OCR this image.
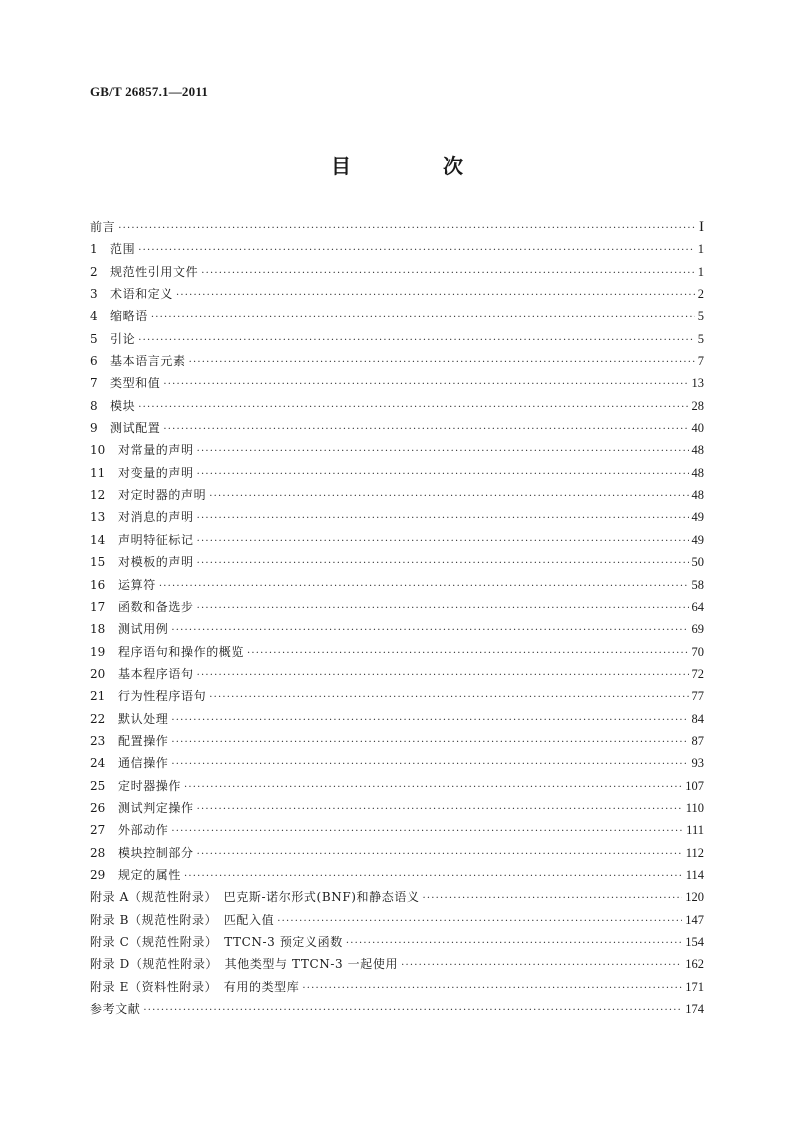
GB/T 26857.1—2011
目　次
前言 ·····	I
1	范围 ·····	1
2	规范性引用文件 ·····	1
3	术语和定义 ·····	2
4	缩略语 ·····	5
5	引论 ·····	5
6	基本语言元素 ·····	7
7	类型和值 ·····	13
8	模块 ·····	28
9	测试配置 ·····	40
10	对常量的声明 ·····	48
11	对变量的声明 ·····	48
12	对定时器的声明 ·····	48
13	对消息的声明 ·····	49
14	声明特征标记 ·····	49
15	对模板的声明 ·····	50
16	运算符 ·····	58
17	函数和备选步 ·····	64
18	测试用例 ·····	69
19	程序语句和操作的概览 ·····	70
20	基本程序语句 ·····	72
21	行为性程序语句 ·····	77
22	默认处理 ·····	84
23	配置操作 ·····	87
24	通信操作 ·····	93
25	定时器操作 ·····	107
26	测试判定操作 ·····	110
27	外部动作 ·····	111
28	模块控制部分 ·····	112
29	规定的属性 ·····	114
附录 A（规范性附录）　巴克斯-诺尔形式(BNF)和静态语义 ·····	120
附录 B（规范性附录）　匹配入值 ·····	147
附录 C（规范性附录）　TTCN-3 预定义函数 ·····	154
附录 D（规范性附录）　其他类型与 TTCN-3 一起使用 ·····	162
附录 E（资料性附录）　有用的类型库 ·····	171
参考文献 ·····	174
